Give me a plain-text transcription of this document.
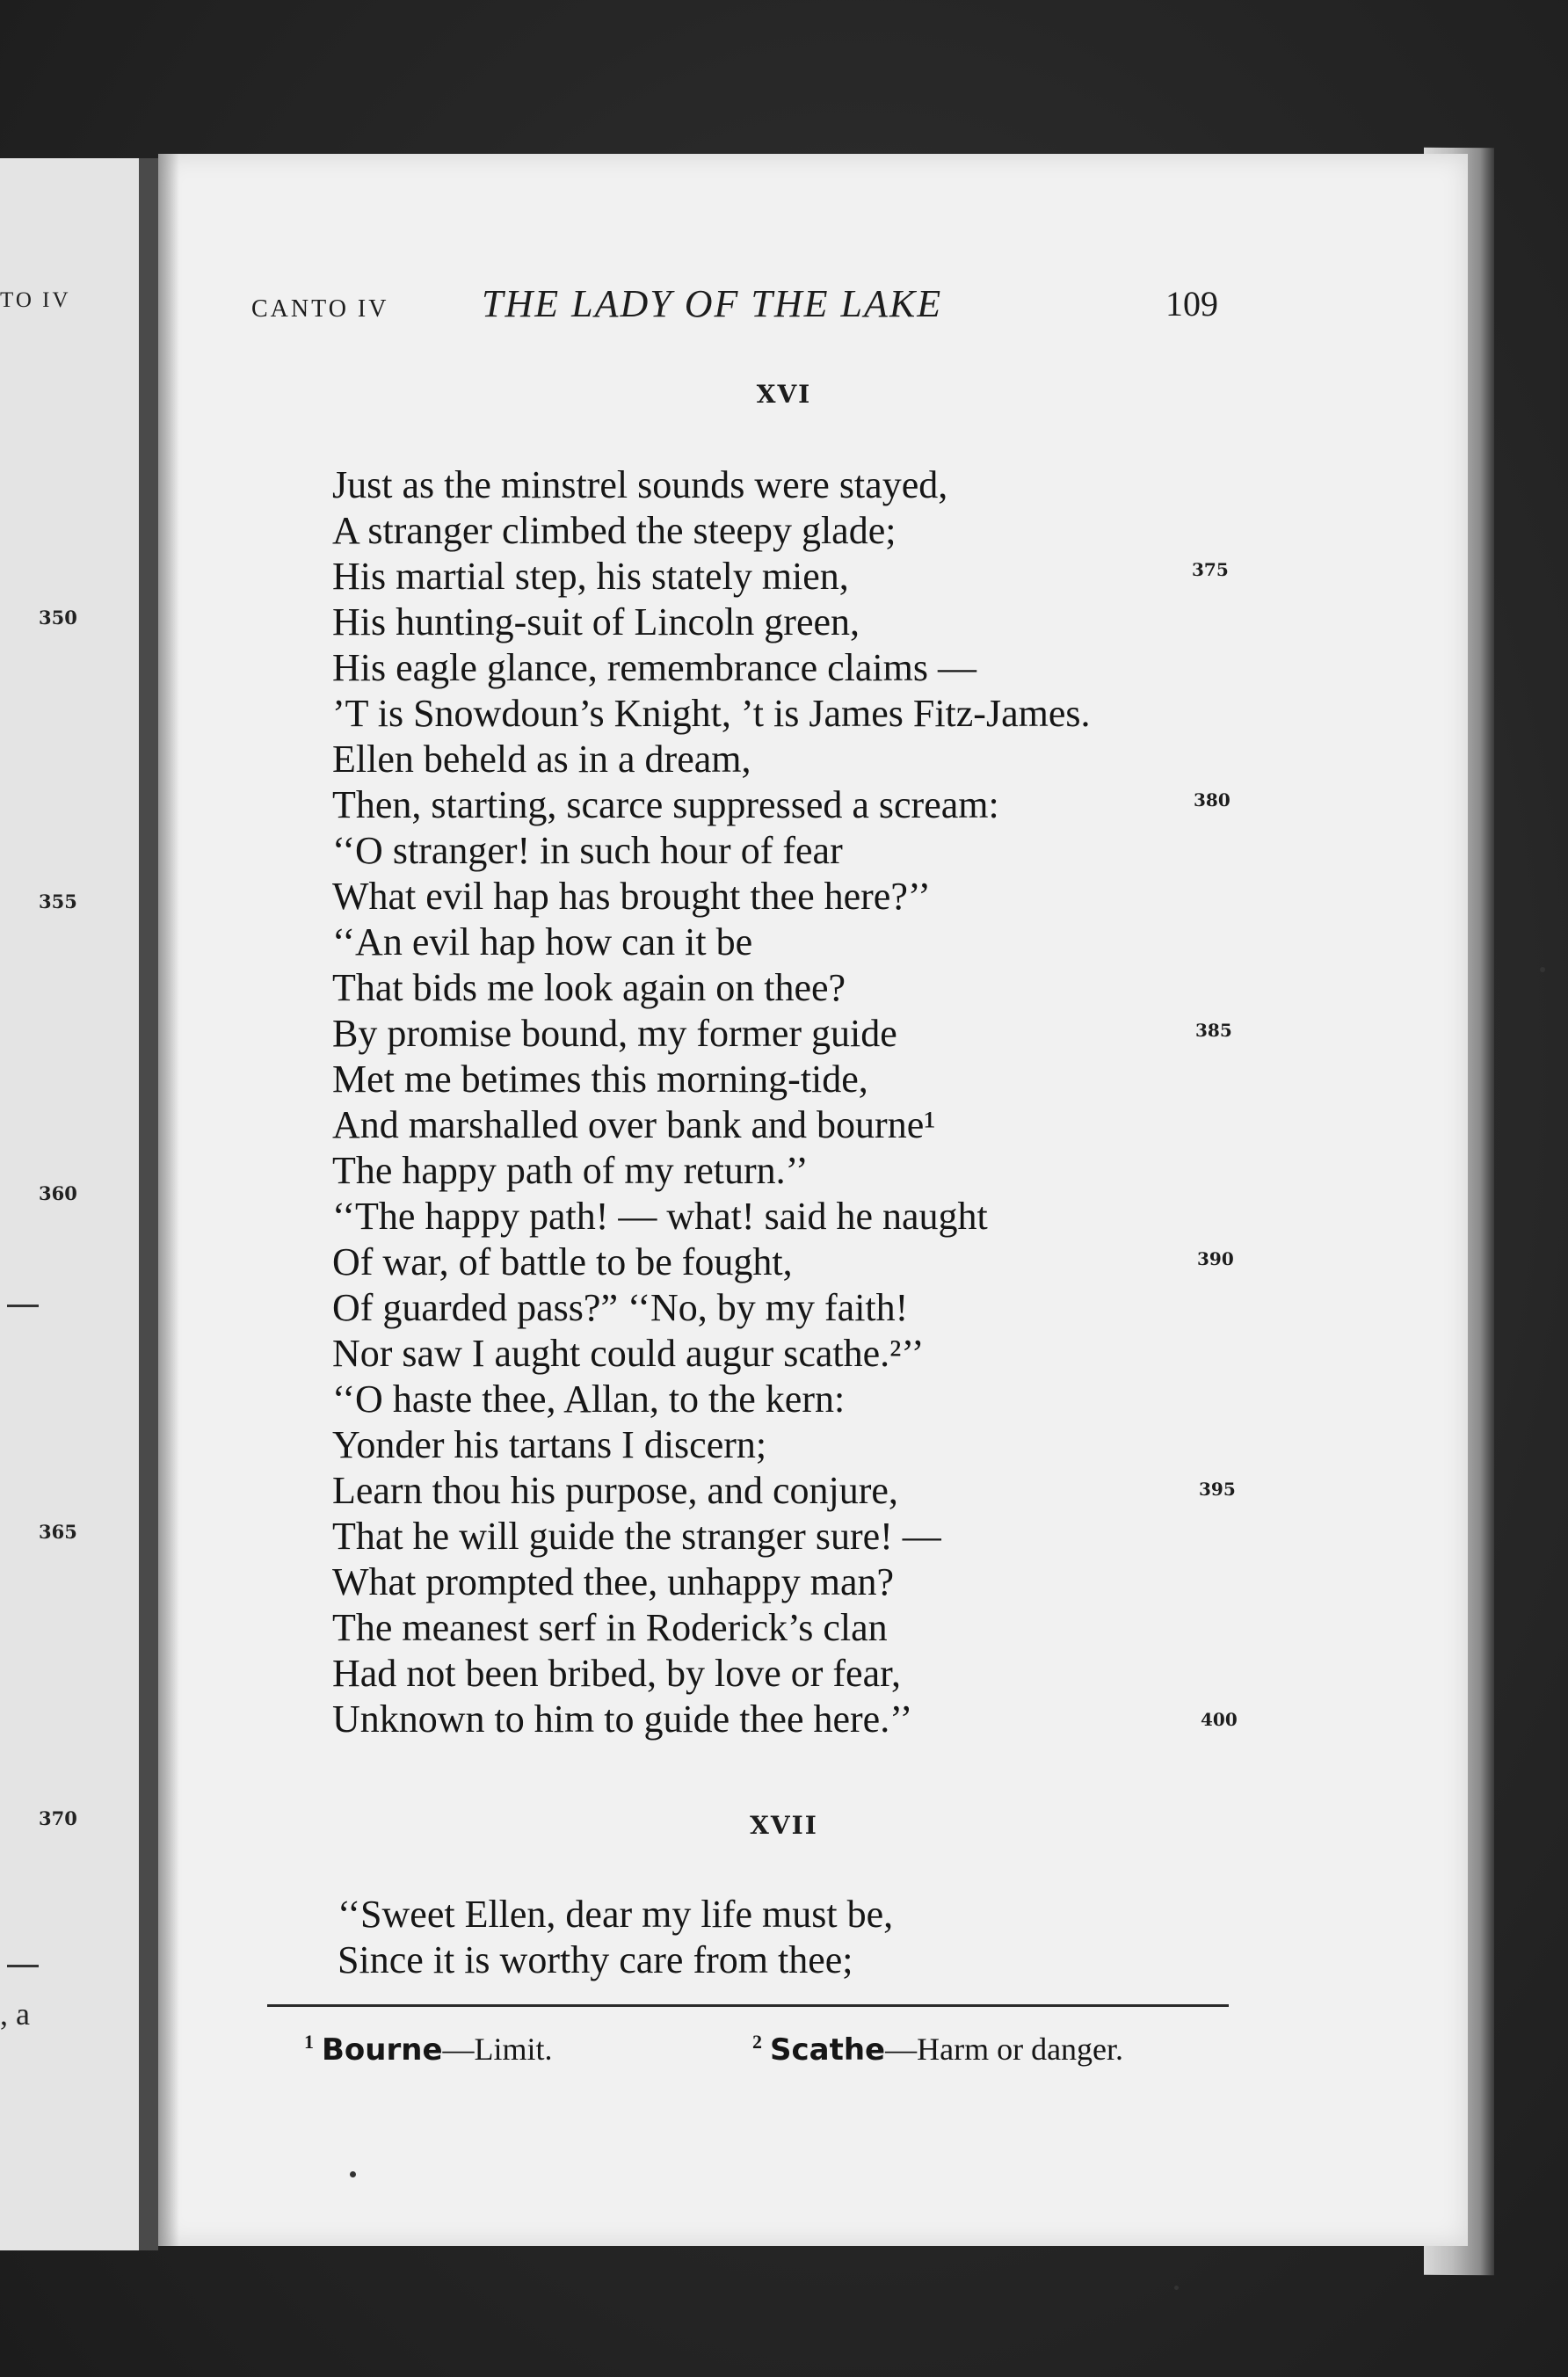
TO IV
350
355
360
365
370
, a
CANTO IV THE LADY OF THE LAKE	109
XVI
Just as the minstrel sounds were stayed,
A stranger climbed the steepy glade;
His martial step, his stately mien,
His hunting-suit of Lincoln green,
His eagle glance, remembrance claims —
’T is Snowdoun’s Knight, ’t is James Fitz-James.
Ellen beheld as in a dream,
Then, starting, scarce suppressed a scream:
‘‘O stranger! in such hour of fear
What evil hap has brought thee here?’’
‘‘An evil hap how can it be
That bids me look again on thee?
By promise bound, my former guide
Met me betimes this morning-tide,
And marshalled over bank and bourne¹
The happy path of my return.’’
‘‘The happy path! — what! said he naught
Of war, of battle to be fought,
Of guarded pass?” ‘‘No, by my faith!
Nor saw I aught could augur scathe.²’’
‘‘O haste thee, Allan, to the kern:
Yonder his tartans I discern;
Learn thou his purpose, and conjure,
That he will guide the stranger sure! —
What prompted thee, unhappy man?
The meanest serf in Roderick’s clan
Had not been bribed, by love or fear,
Unknown to him to guide thee here.’’
375
380
385
390
395
400
XVII
‘‘Sweet Ellen, dear my life must be,
Since it is worthy care from thee;
$^1$ Bourne—Limit.	$^2$ Scathe—Harm or danger.
